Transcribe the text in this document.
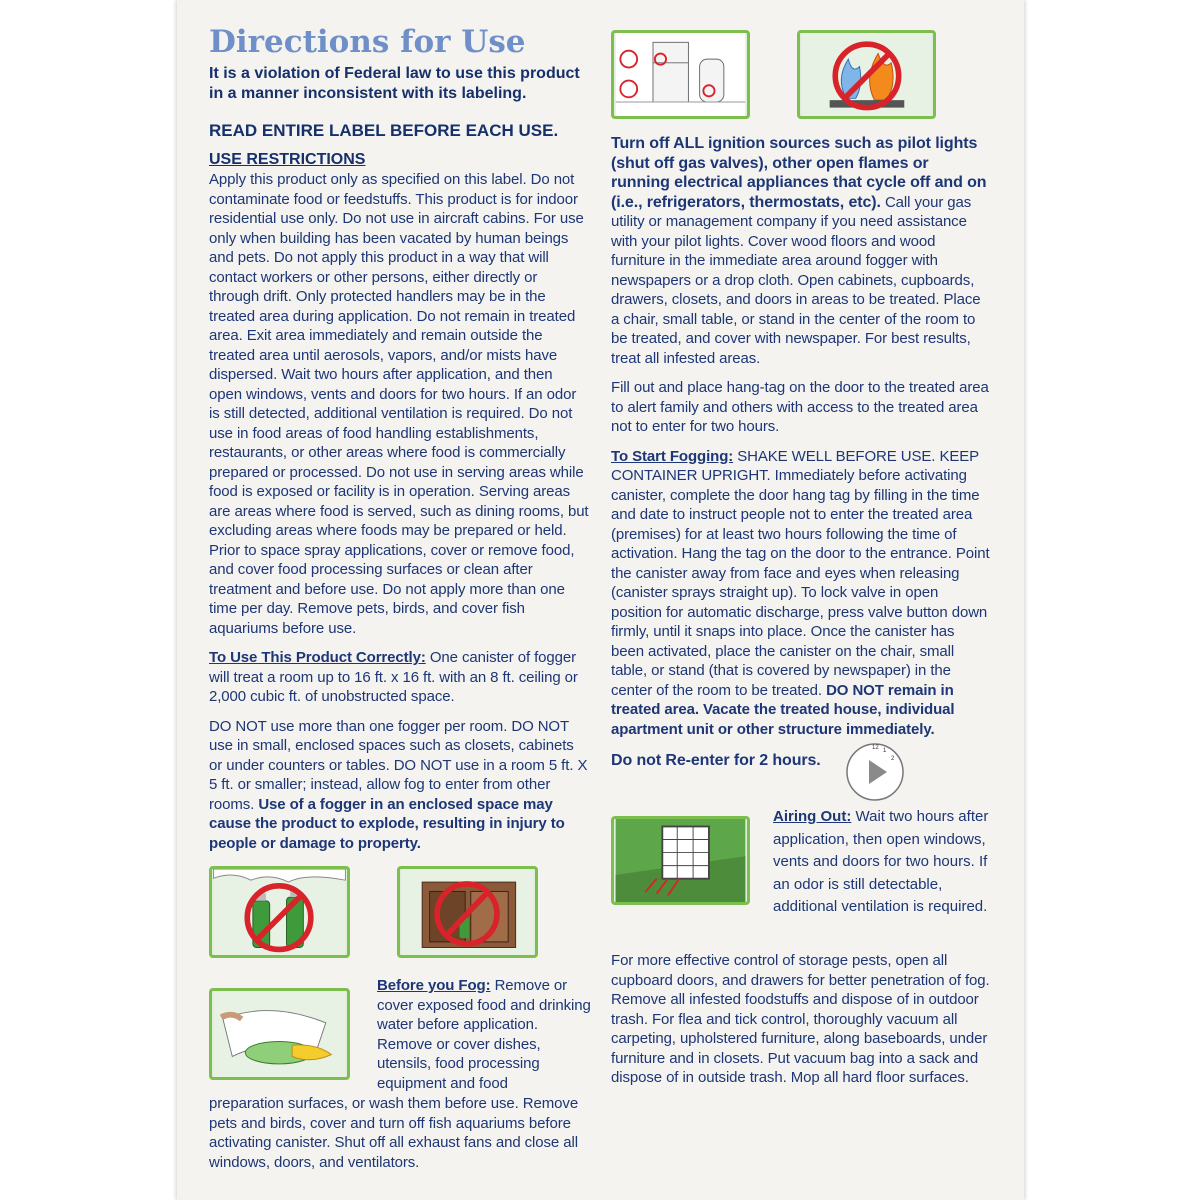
Directions for Use
It is a violation of Federal law to use this product in a manner inconsistent with its labeling.
READ ENTIRE LABEL BEFORE EACH USE.
USE RESTRICTIONS

Apply this product only as specified on this label. Do not contaminate food or feedstuffs. This product is for indoor residential use only. Do not use in aircraft cabins. For use only when building has been vacated by human beings and pets. Do not apply this product in a way that will contact workers or other persons, either directly or through drift. Only protected handlers may be in the treated area during application. Do not remain in treated area. Exit area immediately and remain outside the treated area until aerosols, vapors, and/or mists have dispersed. Wait two hours after application, and then open windows, vents and doors for two hours. If an odor is still detected, additional ventilation is required. Do not use in food areas of food handling establishments, restaurants, or other areas where food is commercially prepared or processed. Do not use in serving areas while food is exposed or facility is in operation. Serving areas are areas where food is served, such as dining rooms, but excluding areas where foods may be prepared or held. Prior to space spray applications, cover or remove food, and cover food processing surfaces or clean after treatment and before use. Do not apply more than one time per day. Remove pets, birds, and cover fish aquariums before use.

To Use This Product Correctly: One canister of fogger will treat a room up to 16 ft. x 16 ft. with an 8 ft. ceiling or 2,000 cubic ft. of unobstructed space.

DO NOT use more than one fogger per room. DO NOT use in small, enclosed spaces such as closets, cabinets or under counters or tables. DO NOT use in a room 5 ft. X 5 ft. or smaller; instead, allow fog to enter from other rooms. Use of a fogger in an enclosed space may cause the product to explode, resulting in injury to people or damage to property.

Before you Fog: Remove or cover exposed food and drinking water before application. Remove or cover dishes, utensils, food processing equipment and food

preparation surfaces, or wash them before use. Remove pets and birds, cover and turn off fish aquariums before activating canister. Shut off all exhaust fans and close all windows, doors, and ventilators.

Turn off ALL ignition sources such as pilot lights (shut off gas valves), other open flames or running electrical appliances that cycle off and on (i.e., refrigerators, thermostats, etc). Call your gas utility or management company if you need assistance with your pilot lights. Cover wood floors and wood furniture in the immediate area around fogger with newspapers or a drop cloth. Open cabinets, cupboards, drawers, closets, and doors in areas to be treated. Place a chair, small table, or stand in the center of the room to be treated, and cover with newspaper. For best results, treat all infested areas.

Fill out and place hang-tag on the door to the treated area to alert family and others with access to the treated area not to enter for two hours.

To Start Fogging: SHAKE WELL BEFORE USE. KEEP CONTAINER UPRIGHT. Immediately before activating canister, complete the door hang tag by filling in the time and date to instruct people not to enter the treated area (premises) for at least two hours following the time of activation. Hang the tag on the door to the entrance. Point the canister away from face and eyes when releasing (canister sprays straight up). To lock valve in open position for automatic discharge, press valve button down firmly, until it snaps into place. Once the canister has been activated, place the canister on the chair, small table, or stand (that is covered by newspaper) in the center of the room to be treated. DO NOT remain in treated area. Vacate the treated house, individual apartment unit or other structure immediately.

Do not Re-enter for 2 hours.

12 1
2

Airing Out: Wait two hours after application, then open windows, vents and doors for two hours. If an odor is still detectable, additional ventilation is required.

For more effective control of storage pests, open all cupboard doors, and drawers for better penetration of fog. Remove all infested foodstuffs and dispose of in outdoor trash. For flea and tick control, thoroughly vacuum all carpeting, upholstered furniture, along baseboards, under furniture and in closets. Put vacuum bag into a sack and dispose of in outside trash. Mop all hard floor surfaces.
